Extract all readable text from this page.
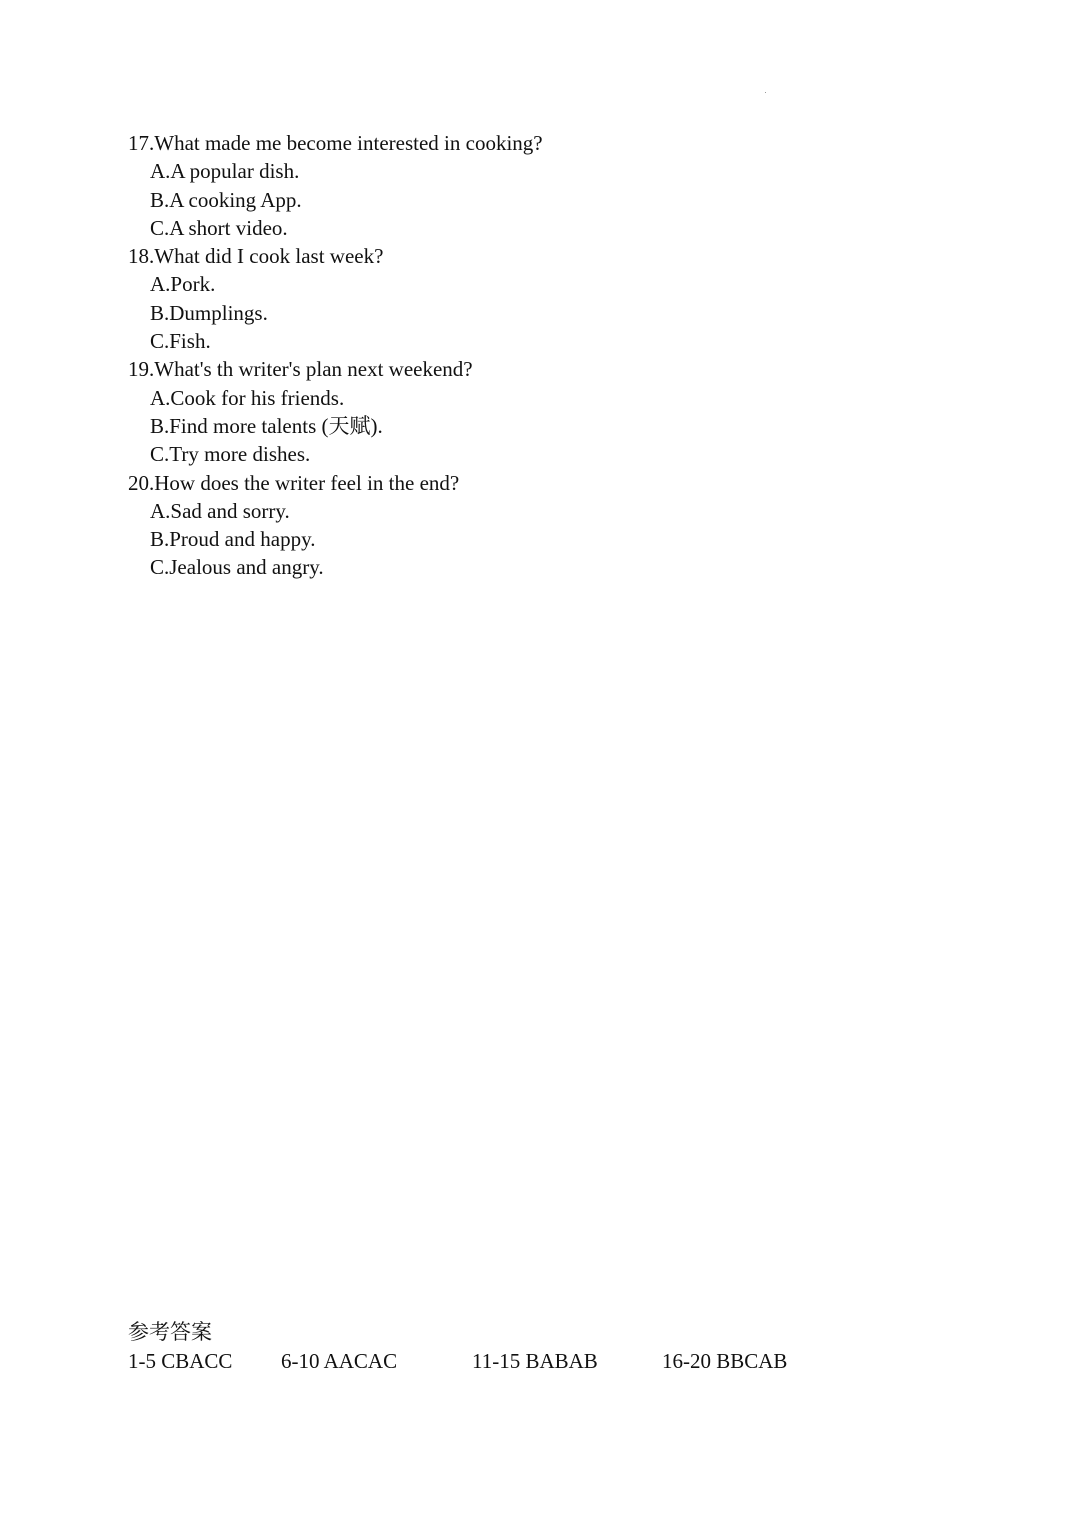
17.What made me become interested in cooking?
A.A popular dish.
B.A cooking App.
C.A short video.
18.What did I cook last week?
A.Pork.
B.Dumplings.
C.Fish.
19.What's th writer's plan next weekend?
A.Cook for his friends.
B.Find more talents (天赋).
C.Try more dishes.
20.How does the writer feel in the end?
A.Sad and sorry.
B.Proud and happy.
C.Jealous and angry.
参考答案
1-5 CBACC 6-10 AACAC	11-15 BABAB	16-20 BBCAB
